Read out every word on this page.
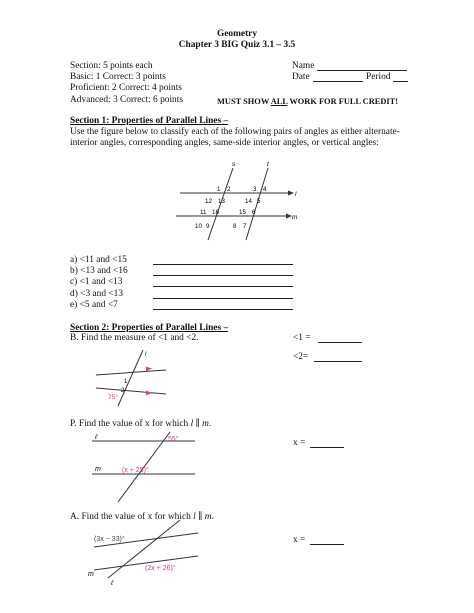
Geometry
Chapter 3 BIG Quiz 3.1 – 3.5
Section: 5 points each
Basic: 1 Correct: 3 points
Proficient: 2 Correct: 4 points
Advanced: 3 Correct: 6 points
Name
Date	Period
MUST SHOW ALL WORK FOR FULL CREDIT!
Section 1: Properties of Parallel Lines –
Use the figure below to classify each of the following pairs of angles as either alternate-interior angles, corresponding angles, same-side interior angles, or vertical angles:
s	t
l
m
1 2	3 4
12 13	14 5
11 16	15 6
10 9	8 7
a) <11 and <15
b) <13 and <16
c) <1 and <13
d) <3 and <13
e) <5 and <7
Section 2: Properties of Parallel Lines –
B. Find the measure of <1 and <2.	<1 =
<2=
l
1
2
75°
P. Find the value of x for which l ∥ m.
x =
ℓ
m
55°
(x + 25)°
A. Find the value of x for which l ∥ m.
x =
(3x − 33)°
(2x + 26)°
m
ℓ
